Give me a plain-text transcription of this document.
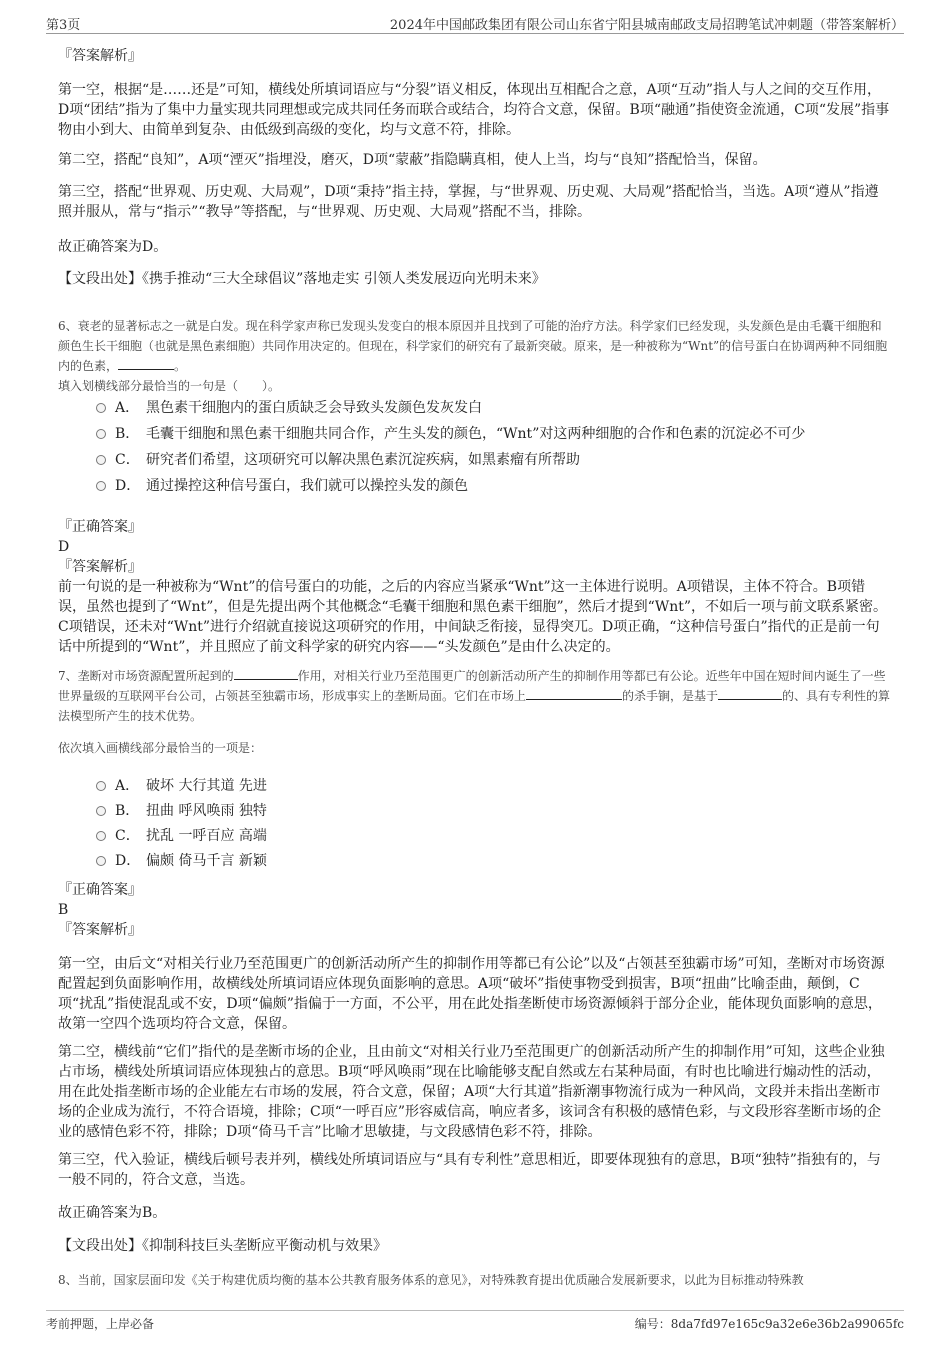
第3页	2024年中国邮政集团有限公司山东省宁阳县城南邮政支局招聘笔试冲刺题（带答案解析）
『答案解析』
第一空，根据“是……还是”可知，横线处所填词语应与“分裂”语义相反，体现出互相配合之意，A项“互动”指人与人之间的交互作用，D项“团结”指为了集中力量实现共同理想或完成共同任务而联合或结合，均符合文意，保留。B项“融通”指使资金流通，C项“发展”指事物由小到大、由简单到复杂、由低级到高级的变化，均与文意不符，排除。
第二空，搭配“良知”，A项“湮灭”指埋没，磨灭，D项“蒙蔽”指隐瞒真相，使人上当，均与“良知”搭配恰当，保留。
第三空，搭配“世界观、历史观、大局观”，D项“秉持”指主持，掌握，与“世界观、历史观、大局观”搭配恰当，当选。A项“遵从”指遵照并服从，常与“指示”“教导”等搭配，与“世界观、历史观、大局观”搭配不当，排除。
故正确答案为D。
【文段出处】《携手推动“三大全球倡议”落地走实 引领人类发展迈向光明未来》
6、衰老的显著标志之一就是白发。现在科学家声称已发现头发变白的根本原因并且找到了可能的治疗方法。科学家们已经发现，头发颜色是由毛囊干细胞和颜色生长干细胞（也就是黑色素细胞）共同作用决定的。但现在，科学家们的研究有了最新突破。原来，是一种被称为“Wnt”的信号蛋白在协调两种不同细胞内的色素，	。
填入划横线部分最恰当的一句是（　　）。
A． 黑色素干细胞内的蛋白质缺乏会导致头发颜色发灰发白
B． 毛囊干细胞和黑色素干细胞共同合作，产生头发的颜色，“Wnt”对这两种细胞的合作和色素的沉淀必不可少
C． 研究者们希望，这项研究可以解决黑色素沉淀疾病，如黑素瘤有所帮助
D． 通过操控这种信号蛋白，我们就可以操控头发的颜色
『正确答案』
D
『答案解析』
前一句说的是一种被称为“Wnt”的信号蛋白的功能，之后的内容应当紧承“Wnt”这一主体进行说明。A项错误，主体不符合。B项错误，虽然也提到了“Wnt”，但是先提出两个其他概念“毛囊干细胞和黑色素干细胞”，然后才提到“Wnt”，不如后一项与前文联系紧密。C项错误，还未对“Wnt”进行介绍就直接说这项研究的作用，中间缺乏衔接，显得突兀。D项正确，“这种信号蛋白”指代的正是前一句话中所提到的“Wnt”，并且照应了前文科学家的研究内容——“头发颜色”是由什么决定的。
7、垄断对市场资源配置所起到的	作用，对相关行业乃至范围更广的创新活动所产生的抑制作用等都已有公论。近些年中国在短时间内诞生了一些世界量级的互联网平台公司，占领甚至独霸市场，形成事实上的垄断局面。它们在市场上	的杀手锏，是基于	的、具有专利性的算法模型所产生的技术优势。
依次填入画横线部分最恰当的一项是：
A． 破坏 大行其道 先进
B． 扭曲 呼风唤雨 独特
C． 扰乱 一呼百应 高端
D． 偏颇 倚马千言 新颖
『正确答案』
B
『答案解析』
第一空，由后文“对相关行业乃至范围更广的创新活动所产生的抑制作用等都已有公论”以及“占领甚至独霸市场”可知，垄断对市场资源配置起到负面影响作用，故横线处所填词语应体现负面影响的意思。A项“破坏”指使事物受到损害，B项“扭曲”比喻歪曲，颠倒，C项“扰乱”指使混乱或不安，D项“偏颇”指偏于一方面，不公平，用在此处指垄断使市场资源倾斜于部分企业，能体现负面影响的意思，故第一空四个选项均符合文意，保留。
第二空，横线前“它们”指代的是垄断市场的企业，且由前文“对相关行业乃至范围更广的创新活动所产生的抑制作用”可知，这些企业独占市场，横线处所填词语应体现独占的意思。B项“呼风唤雨”现在比喻能够支配自然或左右某种局面，有时也比喻进行煽动性的活动，用在此处指垄断市场的企业能左右市场的发展，符合文意，保留；A项“大行其道”指新潮事物流行成为一种风尚，文段并未指出垄断市场的企业成为流行，不符合语境，排除；C项“一呼百应”形容威信高，响应者多，该词含有积极的感情色彩，与文段形容垄断市场的企业的感情色彩不符，排除；D项“倚马千言”比喻才思敏捷，与文段感情色彩不符，排除。
第三空，代入验证，横线后顿号表并列，横线处所填词语应与“具有专利性”意思相近，即要体现独有的意思，B项“独特”指独有的，与一般不同的，符合文意，当选。
故正确答案为B。
【文段出处】《抑制科技巨头垄断应平衡动机与效果》
8、当前，国家层面印发《关于构建优质均衡的基本公共教育服务体系的意见》，对特殊教育提出优质融合发展新要求，以此为目标推动特殊教
考前押题，上岸必备	编号：8da7fd97e165c9a32e6e36b2a99065fc
